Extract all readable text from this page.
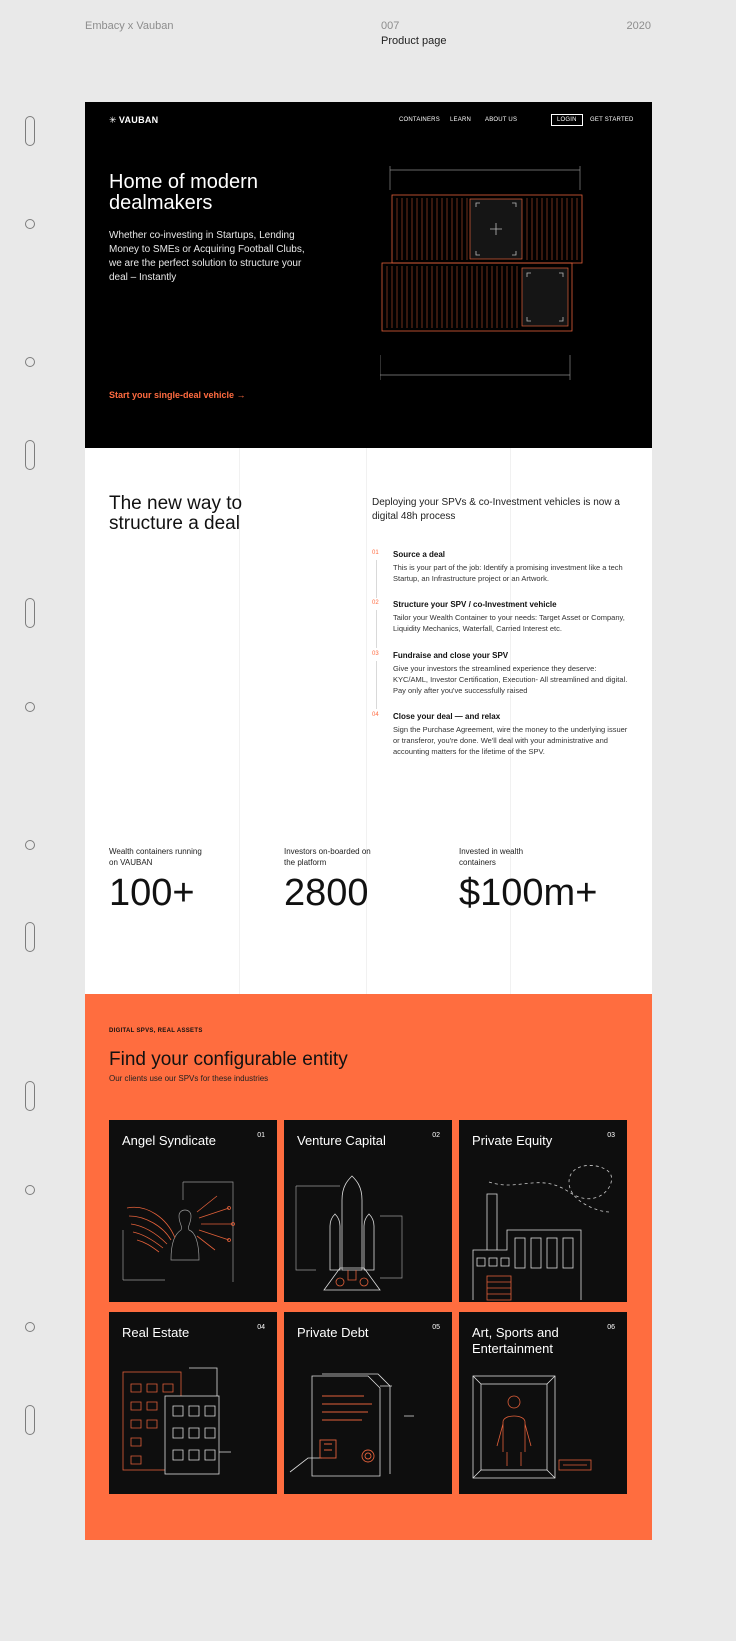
Embacy x Vauban	007
Product page
2020
✳ VAUBAN	CONTAINERS LEARN ABOUT US	LOGIN	GET STARTED
Home of modern dealmakers

Whether co-investing in Startups, Lending Money to SMEs or Acquiring Football Clubs, we are the perfect solution to structure your deal – Instantly

Start your single-deal vehicle →
The new way to structure a deal

Deploying your SPVs & co-Investment vehicles is now a digital 48h process

01 Source a deal
This is your part of the job: Identify a promising investment like a tech Startup, an Infrastructure project or an Artwork.
02 Structure your SPV / co-Investment vehicle
Tailor your Wealth Container to your needs: Target Asset or Company, Liquidity Mechanics, Waterfall, Carried Interest etc.
03 Fundraise and close your SPV
Give your investors the streamlined experience they deserve: KYC/AML, Investor Certification, Execution- All streamlined and digital. Pay only after you've successfully raised
04 Close your deal — and relax
Sign the Purchase Agreement, wire the money to the underlying issuer or transferor, you're done. We'll deal with your administrative and accounting matters for the lifetime of the SPV.
Wealth containers running on VAUBAN
100+
Investors on-boarded on the platform
2800
Invested in wealth containers
$100m+
DIGITAL SPVS, REAL ASSETS
Find your configurable entity
Our clients use our SPVs for these industries
Angel Syndicate	01 Venture Capital	02 Private Equity	03
Real Estate	04 Private Debt	05 Art, Sports and Entertainment
06
